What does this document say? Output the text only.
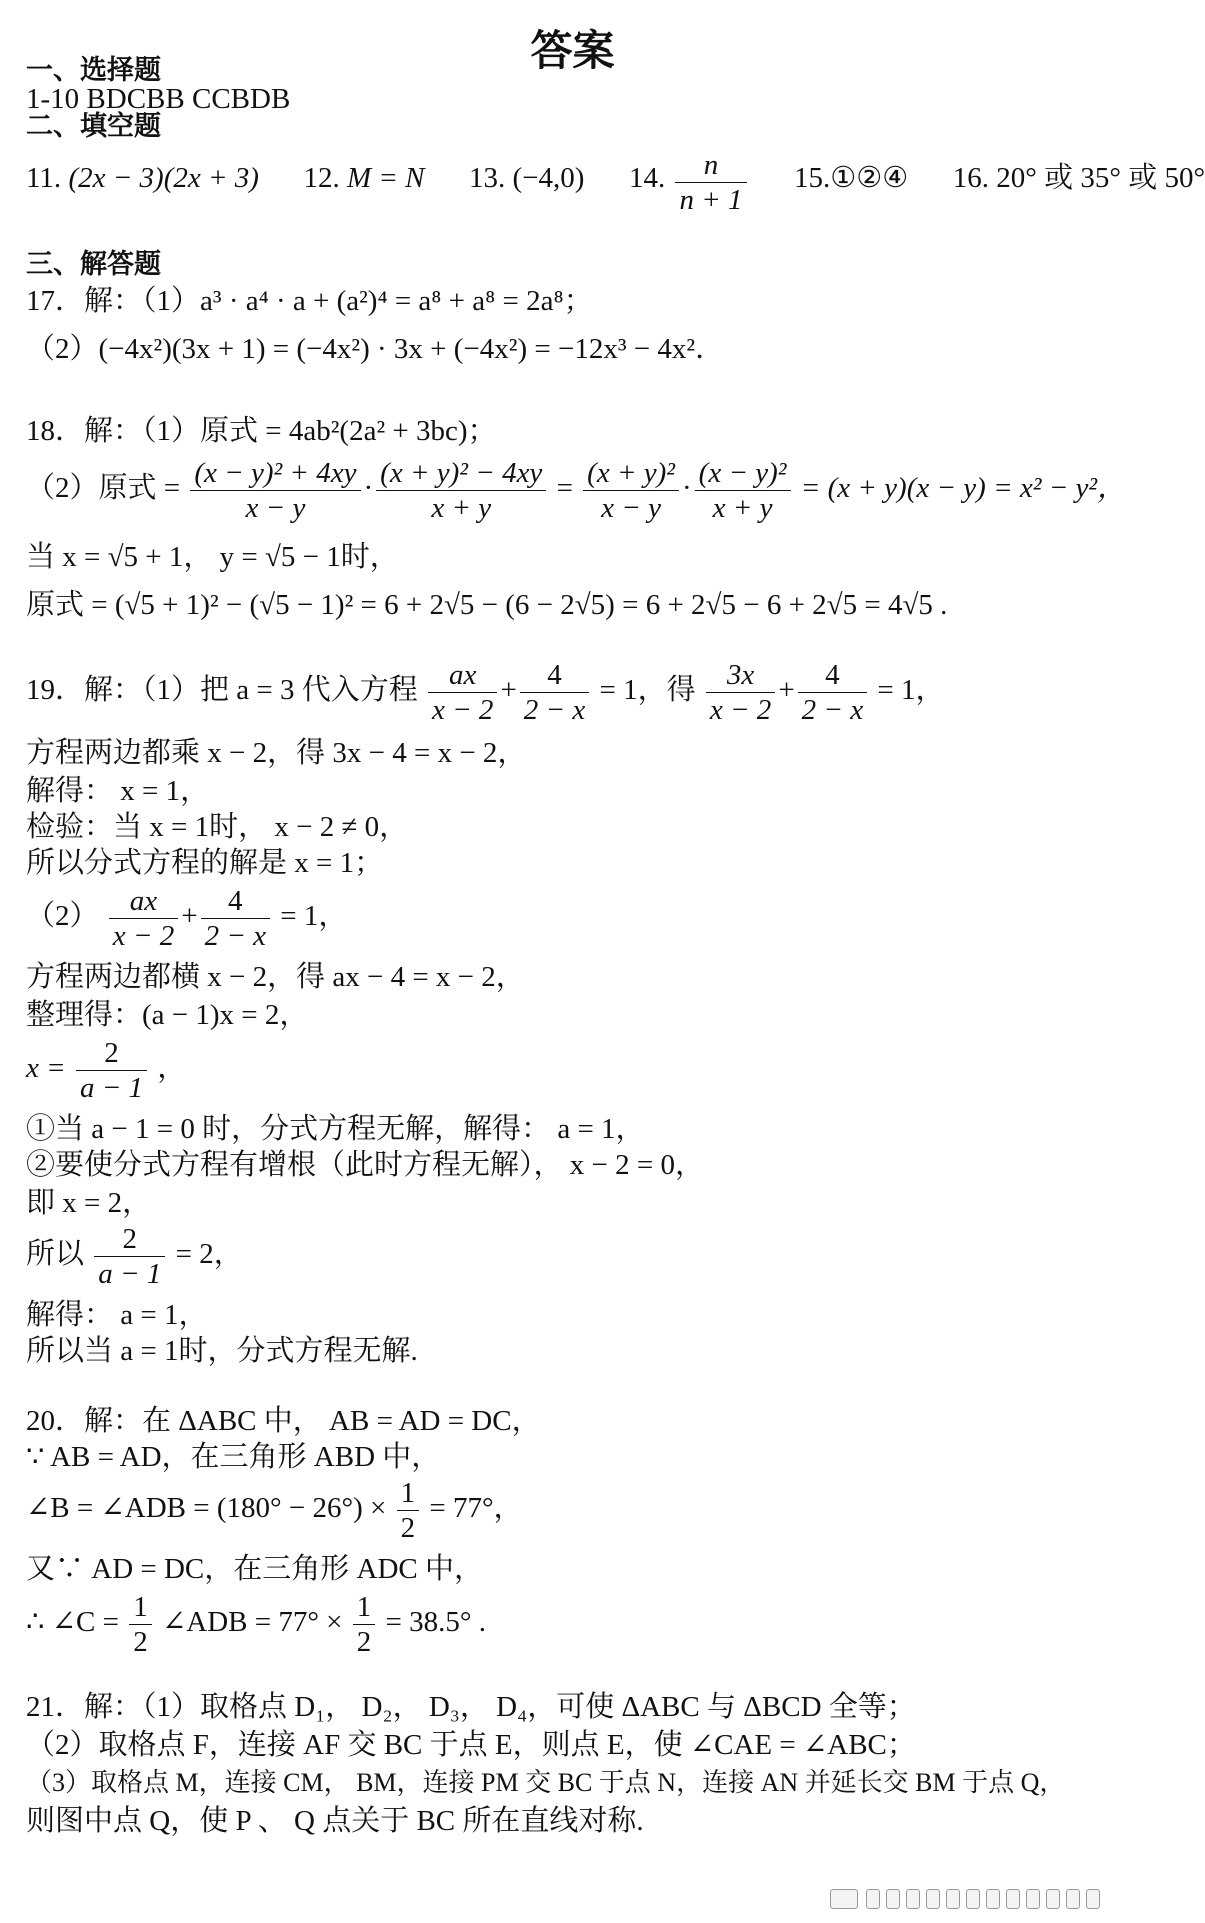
答案
一、选择题
1-10 BDCBB CCBDB
二、填空题
11. (2x − 3)(2x + 3) 12. M = N 13. (−4,0) 14. $\frac{n}{n + 1}$ 15.①②④ 16. 20° 或 35° 或 50°
三、解答题
17．解：（1）a³ · a⁴ · a + (a²)⁴ = a⁸ + a⁸ = 2a⁸；
（2）(−4x²)(3x + 1) = (−4x²) · 3x + (−4x²) = −12x³ − 4x²．
18．解：（1）原式 = 4ab²(2a² + 3bc)；
（2）原式 = $\frac{\text{(x − y)² + 4xy}}{x - y} \cdot \frac{\text{(x + y)² − 4xy}}{x + y} = \frac{\text{(x + y)²}}{x - y} \cdot \frac{\text{(x − y)²}}{x + y} = (x + y)(x - y) = x^2 - y^2$，
当 x = √5 + 1， y = √5 − 1时，
原式 = (√5 + 1)² − (√5 − 1)² = 6 + 2√5 − (6 − 2√5) = 6 + 2√5 − 6 + 2√5 = 4√5 .
19．解：（1）把 a = 3 代入方程 $\frac{ax}{x - 2} + \frac{4}{2 - x} = 1$，得 $\frac{3x}{x - 2} + \frac{4}{2 - x} = 1$，
方程两边都乘 x − 2，得 3x − 4 = x − 2，
解得： x = 1，
检验：当 x = 1时， x − 2 ≠ 0，
所以分式方程的解是 x = 1；
$(2) \frac{ax}{x - 2} + \frac{4}{2 - x} = 1$，
方程两边都横 x − 2，得 ax − 4 = x − 2，
整理得：(a − 1)x = 2，
$x = \frac{2}{a - 1}$ ，
①当 a − 1 = 0 时，分式方程无解，解得： a = 1，
②要使分式方程有增根（此时方程无解）， x − 2 = 0，
即 x = 2，
所以 $\frac{2}{a - 1} = 2$，
解得： a = 1，
所以当 a = 1时，分式方程无解.
20．解：在 ΔABC 中， AB = AD = DC，
∵ AB = AD，在三角形 ABD 中，
∠B = ∠ADB = $(180^\circ - 26^\circ) \times \frac{1}{2} = 77^\circ$，
又∵ AD = DC，在三角形 ADC 中，
∴ ∠C = $\frac{1}{2}$ ∠ADB = $77^\circ \times \frac{1}{2} = 38.5^\circ$ .
21．解：（1）取格点 D₁， D₂， D₃， D₄，可使 ΔABC 与 ΔBCD 全等；
（2）取格点 F，连接 AF 交 BC 于点 E，则点 E，使 ∠CAE = ∠ABC；
（3）取格点 M，连接 CM， BM，连接 PM 交 BC 于点 N，连接 AN 并延长交 BM 于点 Q，
则图中点 Q，使 P 、 Q 点关于 BC 所在直线对称.
